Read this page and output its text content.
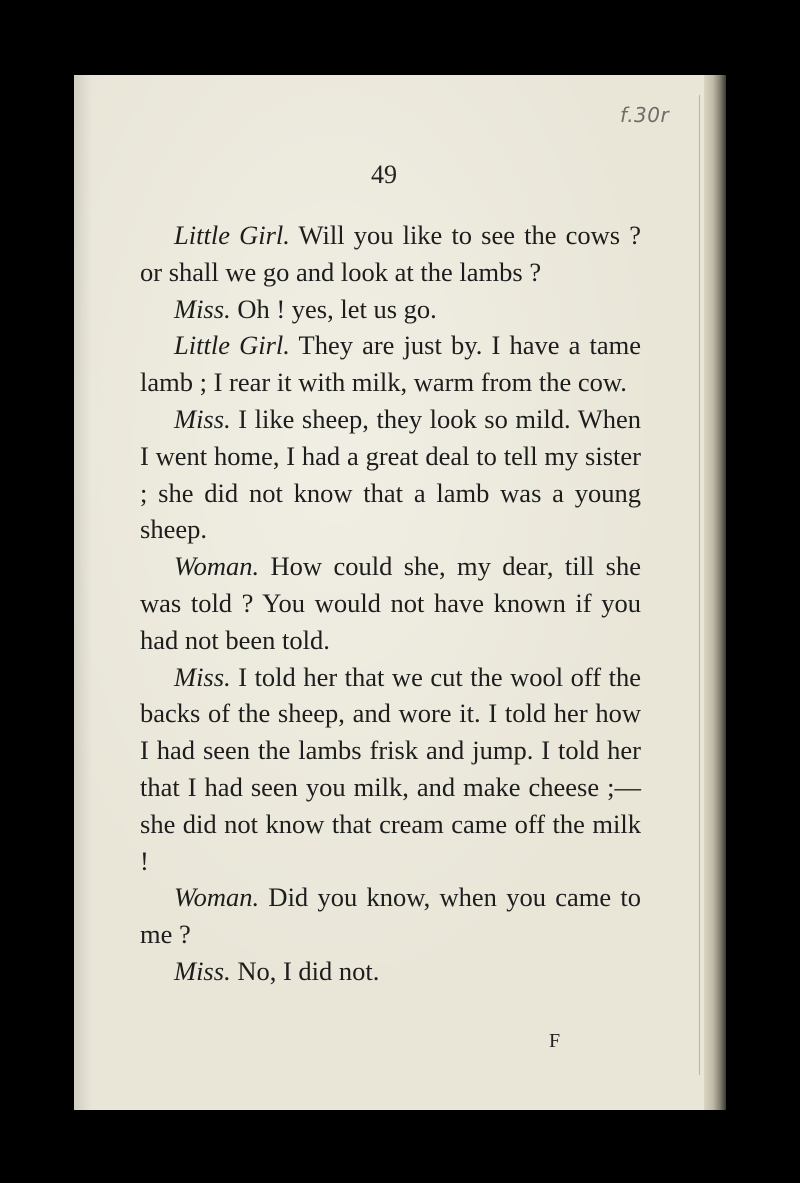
f.30r
49

Little Girl. Will you like to see the cows ? or shall we go and look at the lambs ?

Miss. Oh ! yes, let us go.

Little Girl. They are just by. I have a tame lamb ; I rear it with milk, warm from the cow.

Miss. I like sheep, they look so mild. When I went home, I had a great deal to tell my sister ; she did not know that a lamb was a young sheep.

Woman. How could she, my dear, till she was told ? You would not have known if you had not been told.

Miss. I told her that we cut the wool off the backs of the sheep, and wore it. I told her how I had seen the lambs frisk and jump. I told her that I had seen you milk, and make cheese ;—she did not know that cream came off the milk !

Woman. Did you know, when you came to me ?

Miss. No, I did not.

F
